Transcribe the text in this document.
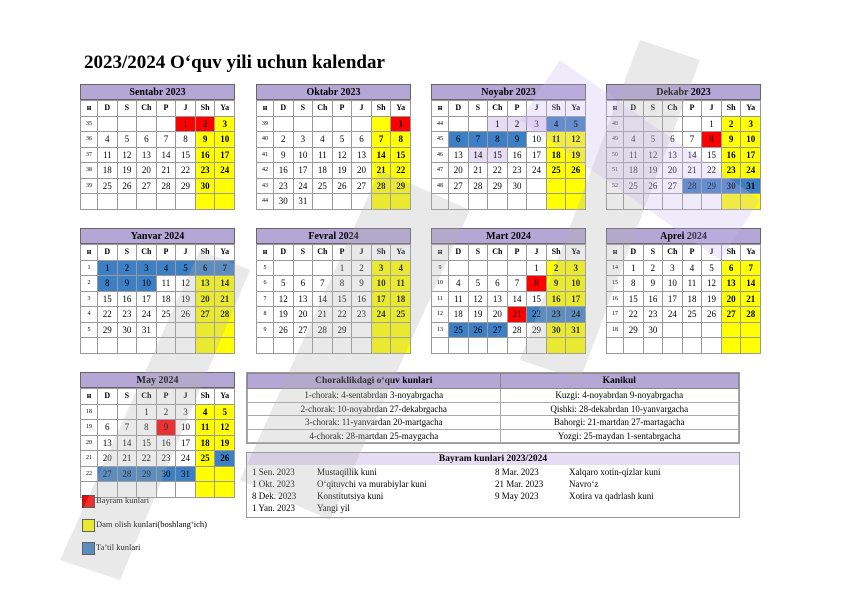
2023/2024 O‘quv yili uchun kalendar
Sentabr 2023
н	D	S	Ch	P	J	Sh	Ya
35					1	2	3
36	4	5	6	7	8	9	10
37	11	12	13	14	15	16	17
38	18	19	20	21	22	23	24
39	25	26	27	28	29	30	

Oktabr 2023
н	D	S	Ch	P	J	Sh	Ya
39							1
40	2	3	4	5	6	7	8
41	9	10	11	12	13	14	15
42	16	17	18	19	20	21	22
43	23	24	25	26	27	28	29
44	30	31					
Noyabr 2023
н	D	S	Ch	P	J	Sh	Ya
44			1	2	3	4	5
45	6	7	8	9	10	11	12
46	13	14	15	16	17	18	19
47	20	21	22	23	24	25	26
48	27	28	29	30			

Dekabr 2023
н	D	S	Ch	P	J	Sh	Ya
48					1	2	3
49	4	5	6	7	8	9	10
50	11	12	13	14	15	16	17
51	18	19	20	21	22	23	24
52	25	26	27	28	29	30	31

Yanvar 2024
н	D	S	Ch	P	J	Sh	Ya
1	1	2	3	4	5	6	7
2	8	9	10	11	12	13	14
3	15	16	17	18	19	20	21
4	22	23	24	25	26	27	28
5	29	30	31				

Fevral 2024
н	D	S	Ch	P	J	Sh	Ya
5				1	2	3	4
6	5	6	7	8	9	10	11
7	12	13	14	15	16	17	18
8	19	20	21	22	23	24	25
9	26	27	28	29			

Mart 2024
н	D	S	Ch	P	J	Sh	Ya
9					1	2	3
10	4	5	6	7	8	9	10
11	11	12	13	14	15	16	17
12	18	19	20	21	22	23	24
13	25	26	27	28	29	30	31

Aprel 2024
н	D	S	Ch	P	J	Sh	Ya
14	1	2	3	4	5	6	7
15	8	9	10	11	12	13	14
16	15	16	17	18	19	20	21
17	22	23	24	25	26	27	28
18	29	30					

May 2024
н	D	S	Ch	P	J	Sh	Ya
18			1	2	3	4	5
19	6	7	8	9	10	11	12
20	13	14	15	16	17	18	19
21	20	21	22	23	24	25	26
22	27	28	29	30	31		

Bayram kunlari
Dam olish kunlari(boshlang‘ich)
Ta’til kunlari
Choraklikdagi o‘quv kunlari	Kanikul
1-chorak: 4-sentabrdan 3-noyabrgacha	Kuzgi: 4-noyabrdan 9-noyabrgacha
2-chorak: 10-noyabrdan 27-dekabrgacha	Qishki: 28-dekabrdan 10-yanvargacha
3-chorak: 11-yanvardan 20-martgacha	Bahorgi: 21-martdan 27-martagacha
4-chorak: 28-martdan 25-maygacha	Yozgi: 25-maydan 1-sentabrgacha
Bayram kunlari 2023/2024
1 Sen. 2023 Mustaqillik kuni
1 Okt. 2023 O‘qituvchi va murabiylar kuni
8 Dek. 2023 Konstitutsiya kuni
1 Yan. 2023 Yangi yil
8 Mar. 2023	Xalqaro xotin-qizlar kuni
21 Mar. 2023	Navro‘z
9 May 2023	Xotira va qadrlash kuni
